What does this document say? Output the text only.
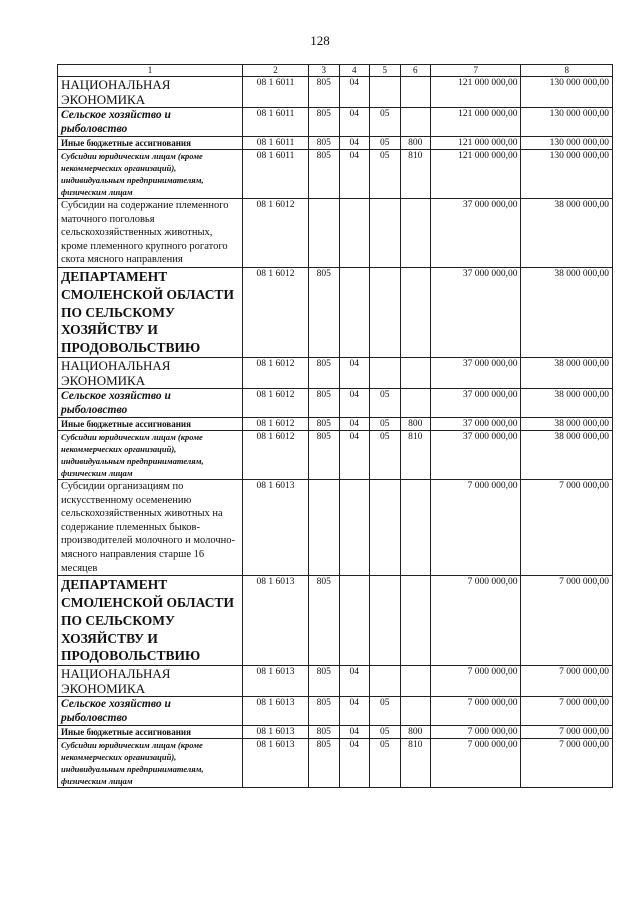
128
1	2	3	4	5	6	7	8
НАЦИОНАЛЬНАЯ ЭКОНОМИКА	08 1 6011	805	04			121 000 000,00	130 000 000,00
Сельское хозяйство и рыболовство	08 1 6011	805	04	05		121 000 000,00	130 000 000,00
Иные бюджетные ассигнования	08 1 6011	805	04	05	800	121 000 000,00	130 000 000,00
Субсидии юридическим лицам (кроме некоммерческих организаций), индивидуальным предпринимателям, физическим лицам	08 1 6011	805	04	05	810	121 000 000,00	130 000 000,00
Субсидии на содержание племенного маточного поголовья сельскохозяйственных животных, кроме племенного крупного рогатого скота мясного направления	08 1 6012					37 000 000,00	38 000 000,00
ДЕПАРТАМЕНТ СМОЛЕНСКОЙ ОБЛАСТИ ПО СЕЛЬСКОМУ ХОЗЯЙСТВУ И ПРОДОВОЛЬСТВИЮ	08 1 6012	805				37 000 000,00	38 000 000,00
НАЦИОНАЛЬНАЯ ЭКОНОМИКА	08 1 6012	805	04			37 000 000,00	38 000 000,00
Сельское хозяйство и рыболовство	08 1 6012	805	04	05		37 000 000,00	38 000 000,00
Иные бюджетные ассигнования	08 1 6012	805	04	05	800	37 000 000,00	38 000 000,00
Субсидии юридическим лицам (кроме некоммерческих организаций), индивидуальным предпринимателям, физическим лицам	08 1 6012	805	04	05	810	37 000 000,00	38 000 000,00
Субсидии организациям по искусственному осеменению сельскохозяйственных животных на содержание племенных быков-производителей молочного и молочно-мясного направления старше 16 месяцев	08 1 6013					7 000 000,00	7 000 000,00
ДЕПАРТАМЕНТ СМОЛЕНСКОЙ ОБЛАСТИ ПО СЕЛЬСКОМУ ХОЗЯЙСТВУ И ПРОДОВОЛЬСТВИЮ	08 1 6013	805				7 000 000,00	7 000 000,00
НАЦИОНАЛЬНАЯ ЭКОНОМИКА	08 1 6013	805	04			7 000 000,00	7 000 000,00
Сельское хозяйство и рыболовство	08 1 6013	805	04	05		7 000 000,00	7 000 000,00
Иные бюджетные ассигнования	08 1 6013	805	04	05	800	7 000 000,00	7 000 000,00
Субсидии юридическим лицам (кроме некоммерческих организаций), индивидуальным предпринимателям, физическим лицам	08 1 6013	805	04	05	810	7 000 000,00	7 000 000,00
